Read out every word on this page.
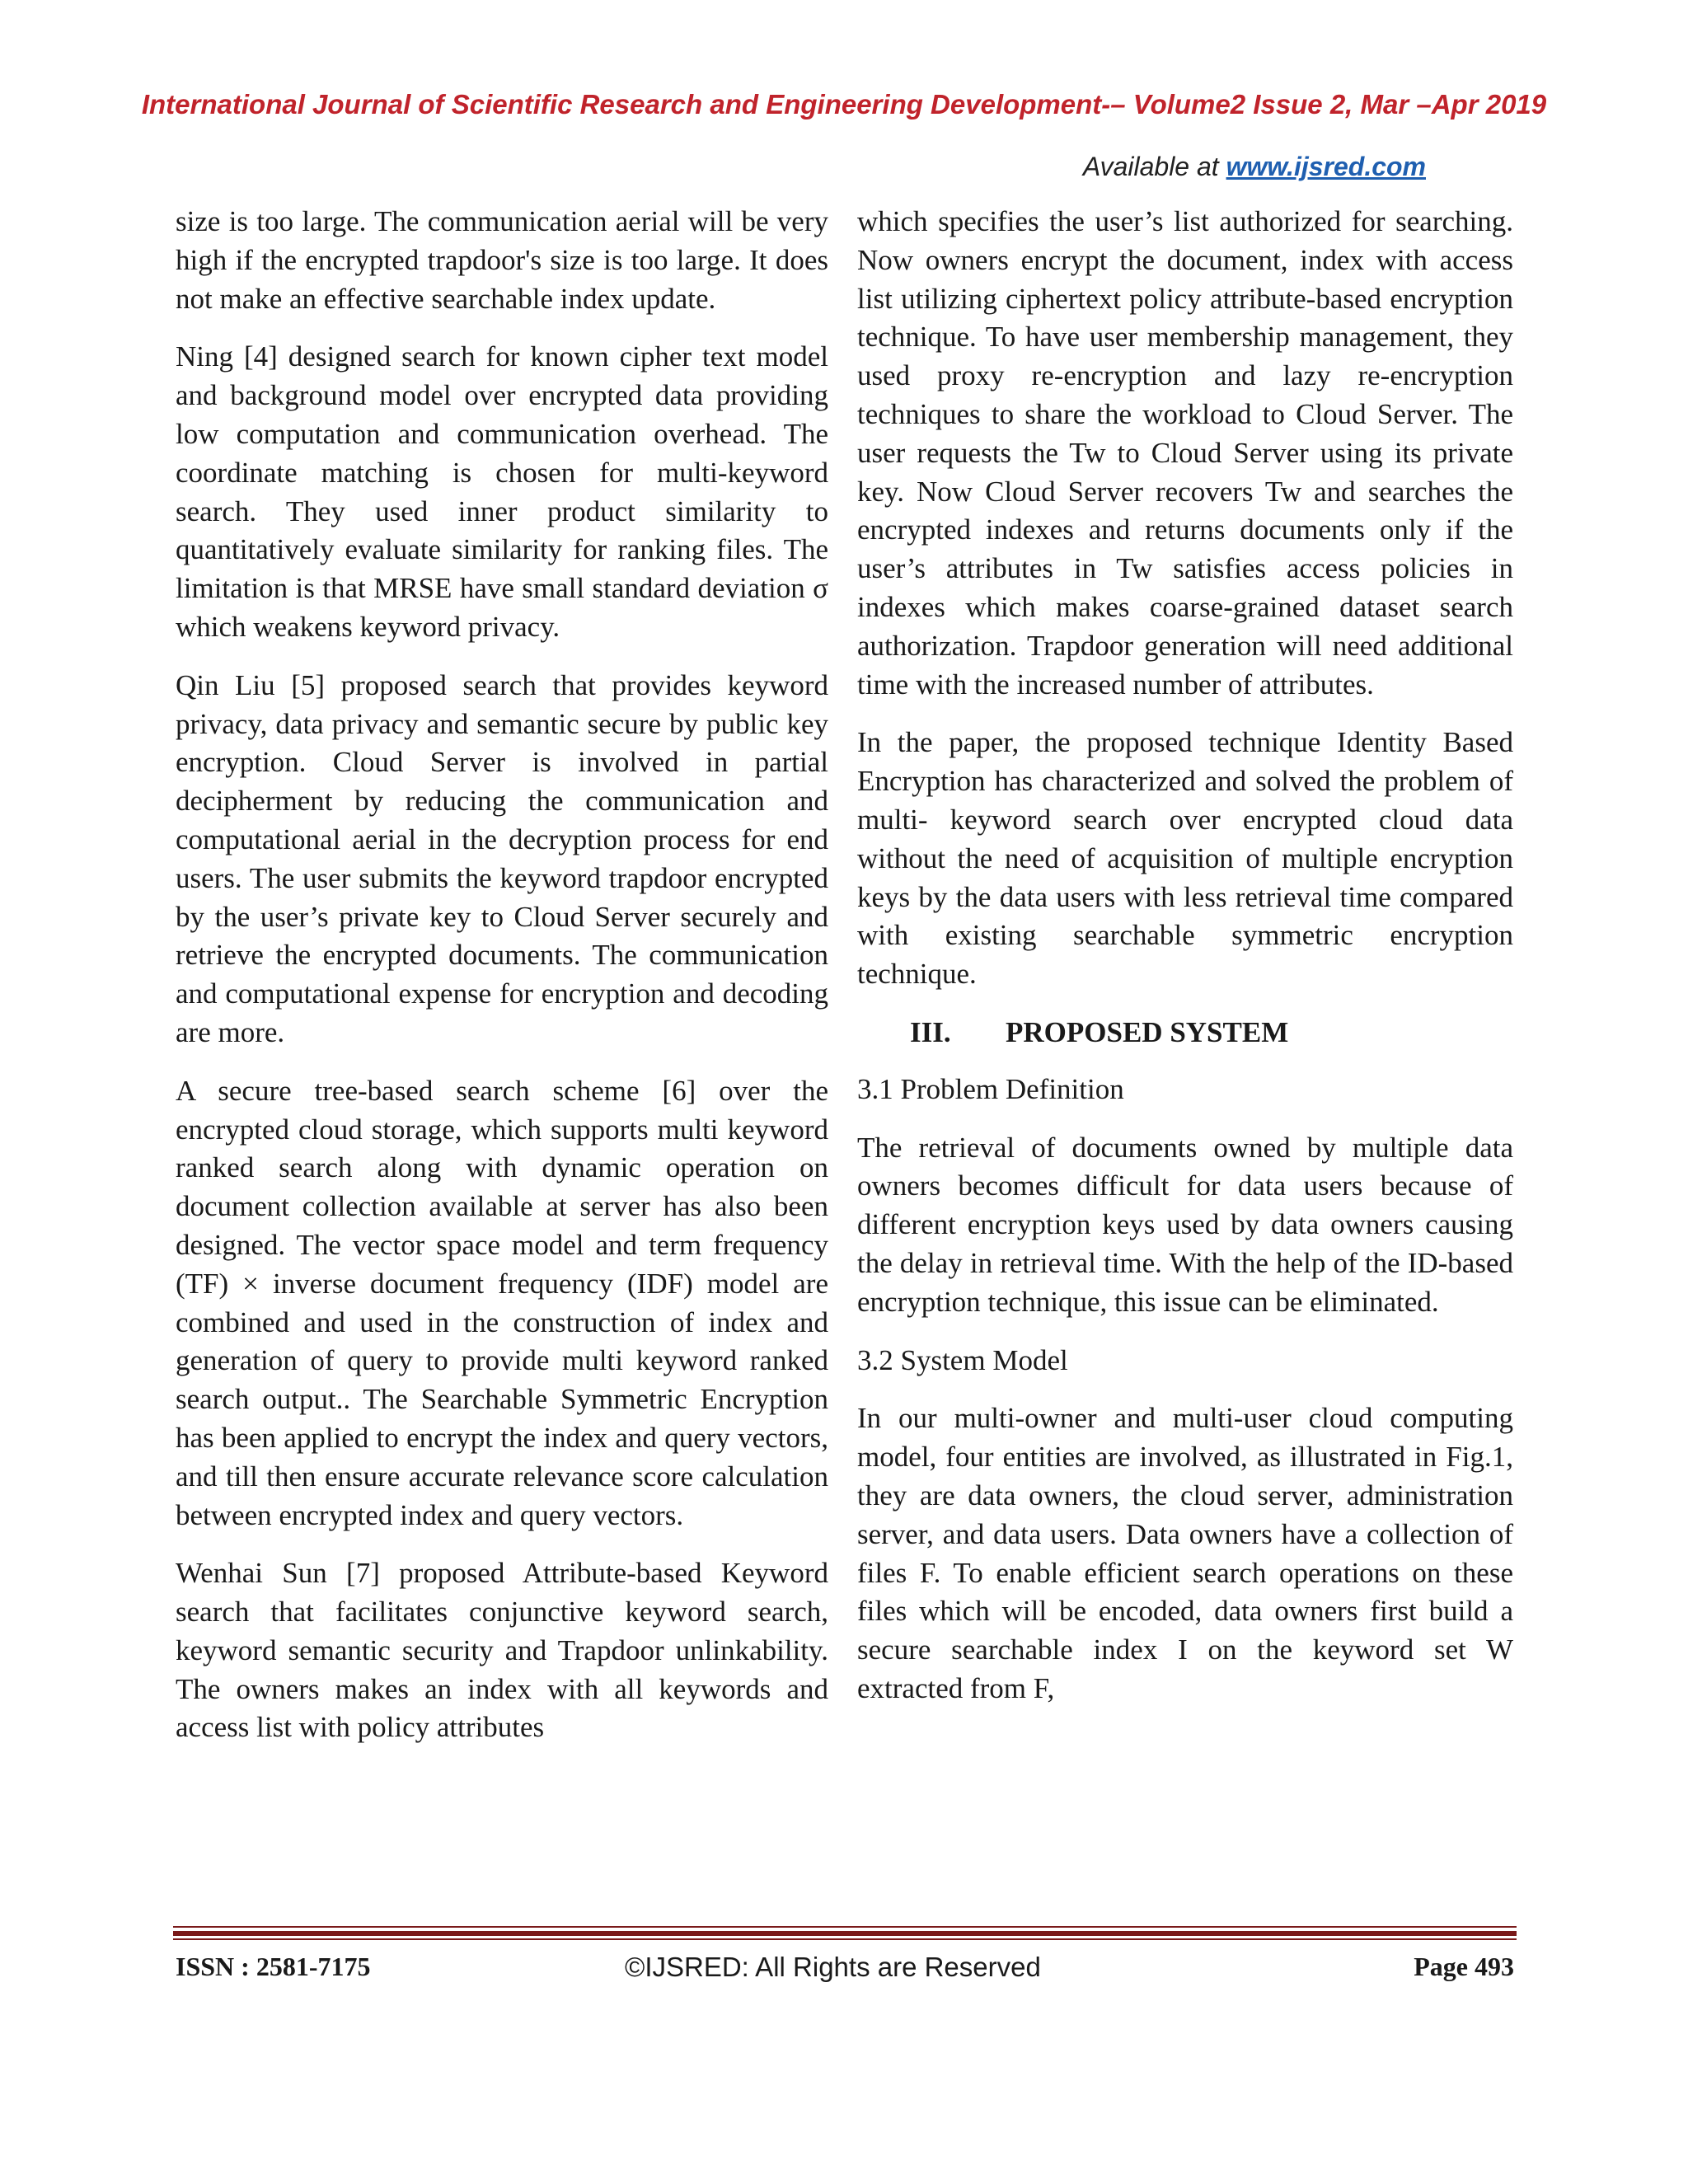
International Journal of Scientific Research and Engineering Development-– Volume2 Issue 2, Mar –Apr 2019
Available at www.ijsred.com

size is too large. The communication aerial will be very high if the encrypted trapdoor's size is too large. It does not make an effective searchable index update.

Ning [4] designed search for known cipher text model and background model over encrypted data providing low computation and communication overhead. The coordinate matching is chosen for multi-keyword search. They used inner product similarity to quantitatively evaluate similarity for ranking files. The limitation is that MRSE have small standard deviation σ which weakens keyword privacy.

Qin Liu [5] proposed search that provides keyword privacy, data privacy and semantic secure by public key encryption. Cloud Server is involved in partial decipherment by reducing the communication and computational aerial in the decryption process for end users. The user submits the keyword trapdoor encrypted by the user’s private key to Cloud Server securely and retrieve the encrypted documents. The communication and computational expense for encryption and decoding are more.

A secure tree-based search scheme [6] over the encrypted cloud storage, which supports multi keyword ranked search along with dynamic operation on document collection available at server has also been designed. The vector space model and term frequency (TF) × inverse document frequency (IDF) model are combined and used in the construction of index and generation of query to provide multi keyword ranked search output.. The Searchable Symmetric Encryption has been applied to encrypt the index and query vectors, and till then ensure accurate relevance score calculation between encrypted index and query vectors.

Wenhai Sun [7] proposed Attribute-based Keyword search that facilitates conjunctive keyword search, keyword semantic security and Trapdoor unlinkability. The owners makes an index with all keywords and access list with policy attributes

which specifies the user’s list authorized for searching. Now owners encrypt the document, index with access list utilizing ciphertext policy attribute-based encryption technique. To have user membership management, they used proxy re-encryption and lazy re-encryption techniques to share the workload to Cloud Server. The user requests the Tw to Cloud Server using its private key. Now Cloud Server recovers Tw and searches the encrypted indexes and returns documents only if the user’s attributes in Tw satisfies access policies in indexes which makes coarse-grained dataset search authorization. Trapdoor generation will need additional time with the increased number of attributes.

In the paper, the proposed technique Identity Based Encryption has characterized and solved the problem of multi- keyword search over encrypted cloud data without the need of acquisition of multiple encryption keys by the data users with less retrieval time compared with existing searchable symmetric encryption technique.

III. PROPOSED SYSTEM

3.1 Problem Definition

The retrieval of documents owned by multiple data owners becomes difficult for data users because of different encryption keys used by data owners causing the delay in retrieval time. With the help of the ID-based encryption technique, this issue can be eliminated.

3.2 System Model

In our multi-owner and multi-user cloud computing model, four entities are involved, as illustrated in Fig.1, they are data owners, the cloud server, administration server, and data users. Data owners have a collection of files F. To enable efficient search operations on these files which will be encoded, data owners first build a secure searchable index I on the keyword set W extracted from F,

ISSN : 2581-7175	©IJSRED: All Rights are Reserved	Page 493
